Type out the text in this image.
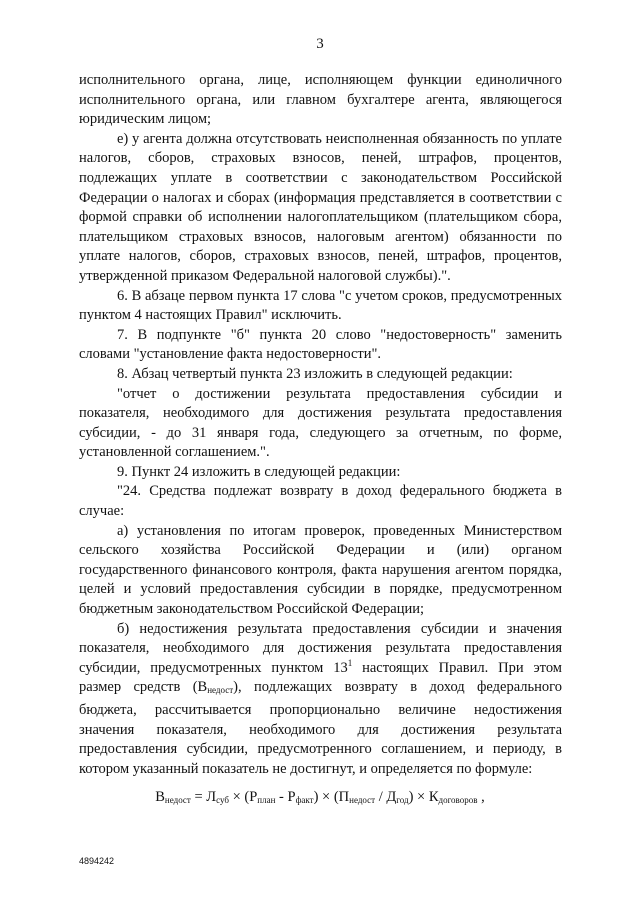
3

исполнительного органа, лице, исполняющем функции единоличного исполнительного органа, или главном бухгалтере агента, являющегося юридическим лицом;

е) у агента должна отсутствовать неисполненная обязанность по уплате налогов, сборов, страховых взносов, пеней, штрафов, процентов, подлежащих уплате в соответствии с законодательством Российской Федерации о налогах и сборах (информация представляется в соответствии с формой справки об исполнении налогоплательщиком (плательщиком сбора, плательщиком страховых взносов, налоговым агентом) обязанности по уплате налогов, сборов, страховых взносов, пеней, штрафов, процентов, утвержденной приказом Федеральной налоговой службы).".

6. В абзаце первом пункта 17 слова "с учетом сроков, предусмотренных пунктом 4 настоящих Правил" исключить.

7. В подпункте "б" пункта 20 слово "недостоверность" заменить словами "установление факта недостоверности".

8. Абзац четвертый пункта 23 изложить в следующей редакции:

"отчет о достижении результата предоставления субсидии и показателя, необходимого для достижения результата предоставления субсидии, - до 31 января года, следующего за отчетным, по форме, установленной соглашением.".

9. Пункт 24 изложить в следующей редакции:

"24. Средства подлежат возврату в доход федерального бюджета в случае:

а) установления по итогам проверок, проведенных Министерством сельского хозяйства Российской Федерации и (или) органом государственного финансового контроля, факта нарушения агентом порядка, целей и условий предоставления субсидии в порядке, предусмотренном бюджетным законодательством Российской Федерации;

б) недостижения результата предоставления субсидии и значения показателя, необходимого для достижения результата предоставления субсидии, предусмотренных пунктом $13^1$ настоящих Правил. При этом размер средств $(В_{недост})$, подлежащих возврату в доход федерального бюджета, рассчитывается пропорционально величине недостижения значения показателя, необходимого для достижения результата предоставления субсидии, предусмотренного соглашением, и периоду, в котором указанный показатель не достигнут, и определяется по формуле:

$В_{недост} = Л_{суб} \times (Р_{план} - Р_{факт}) \times (П_{недост} / Д_{год}) \times К_{договоров}$ ,
4894242
